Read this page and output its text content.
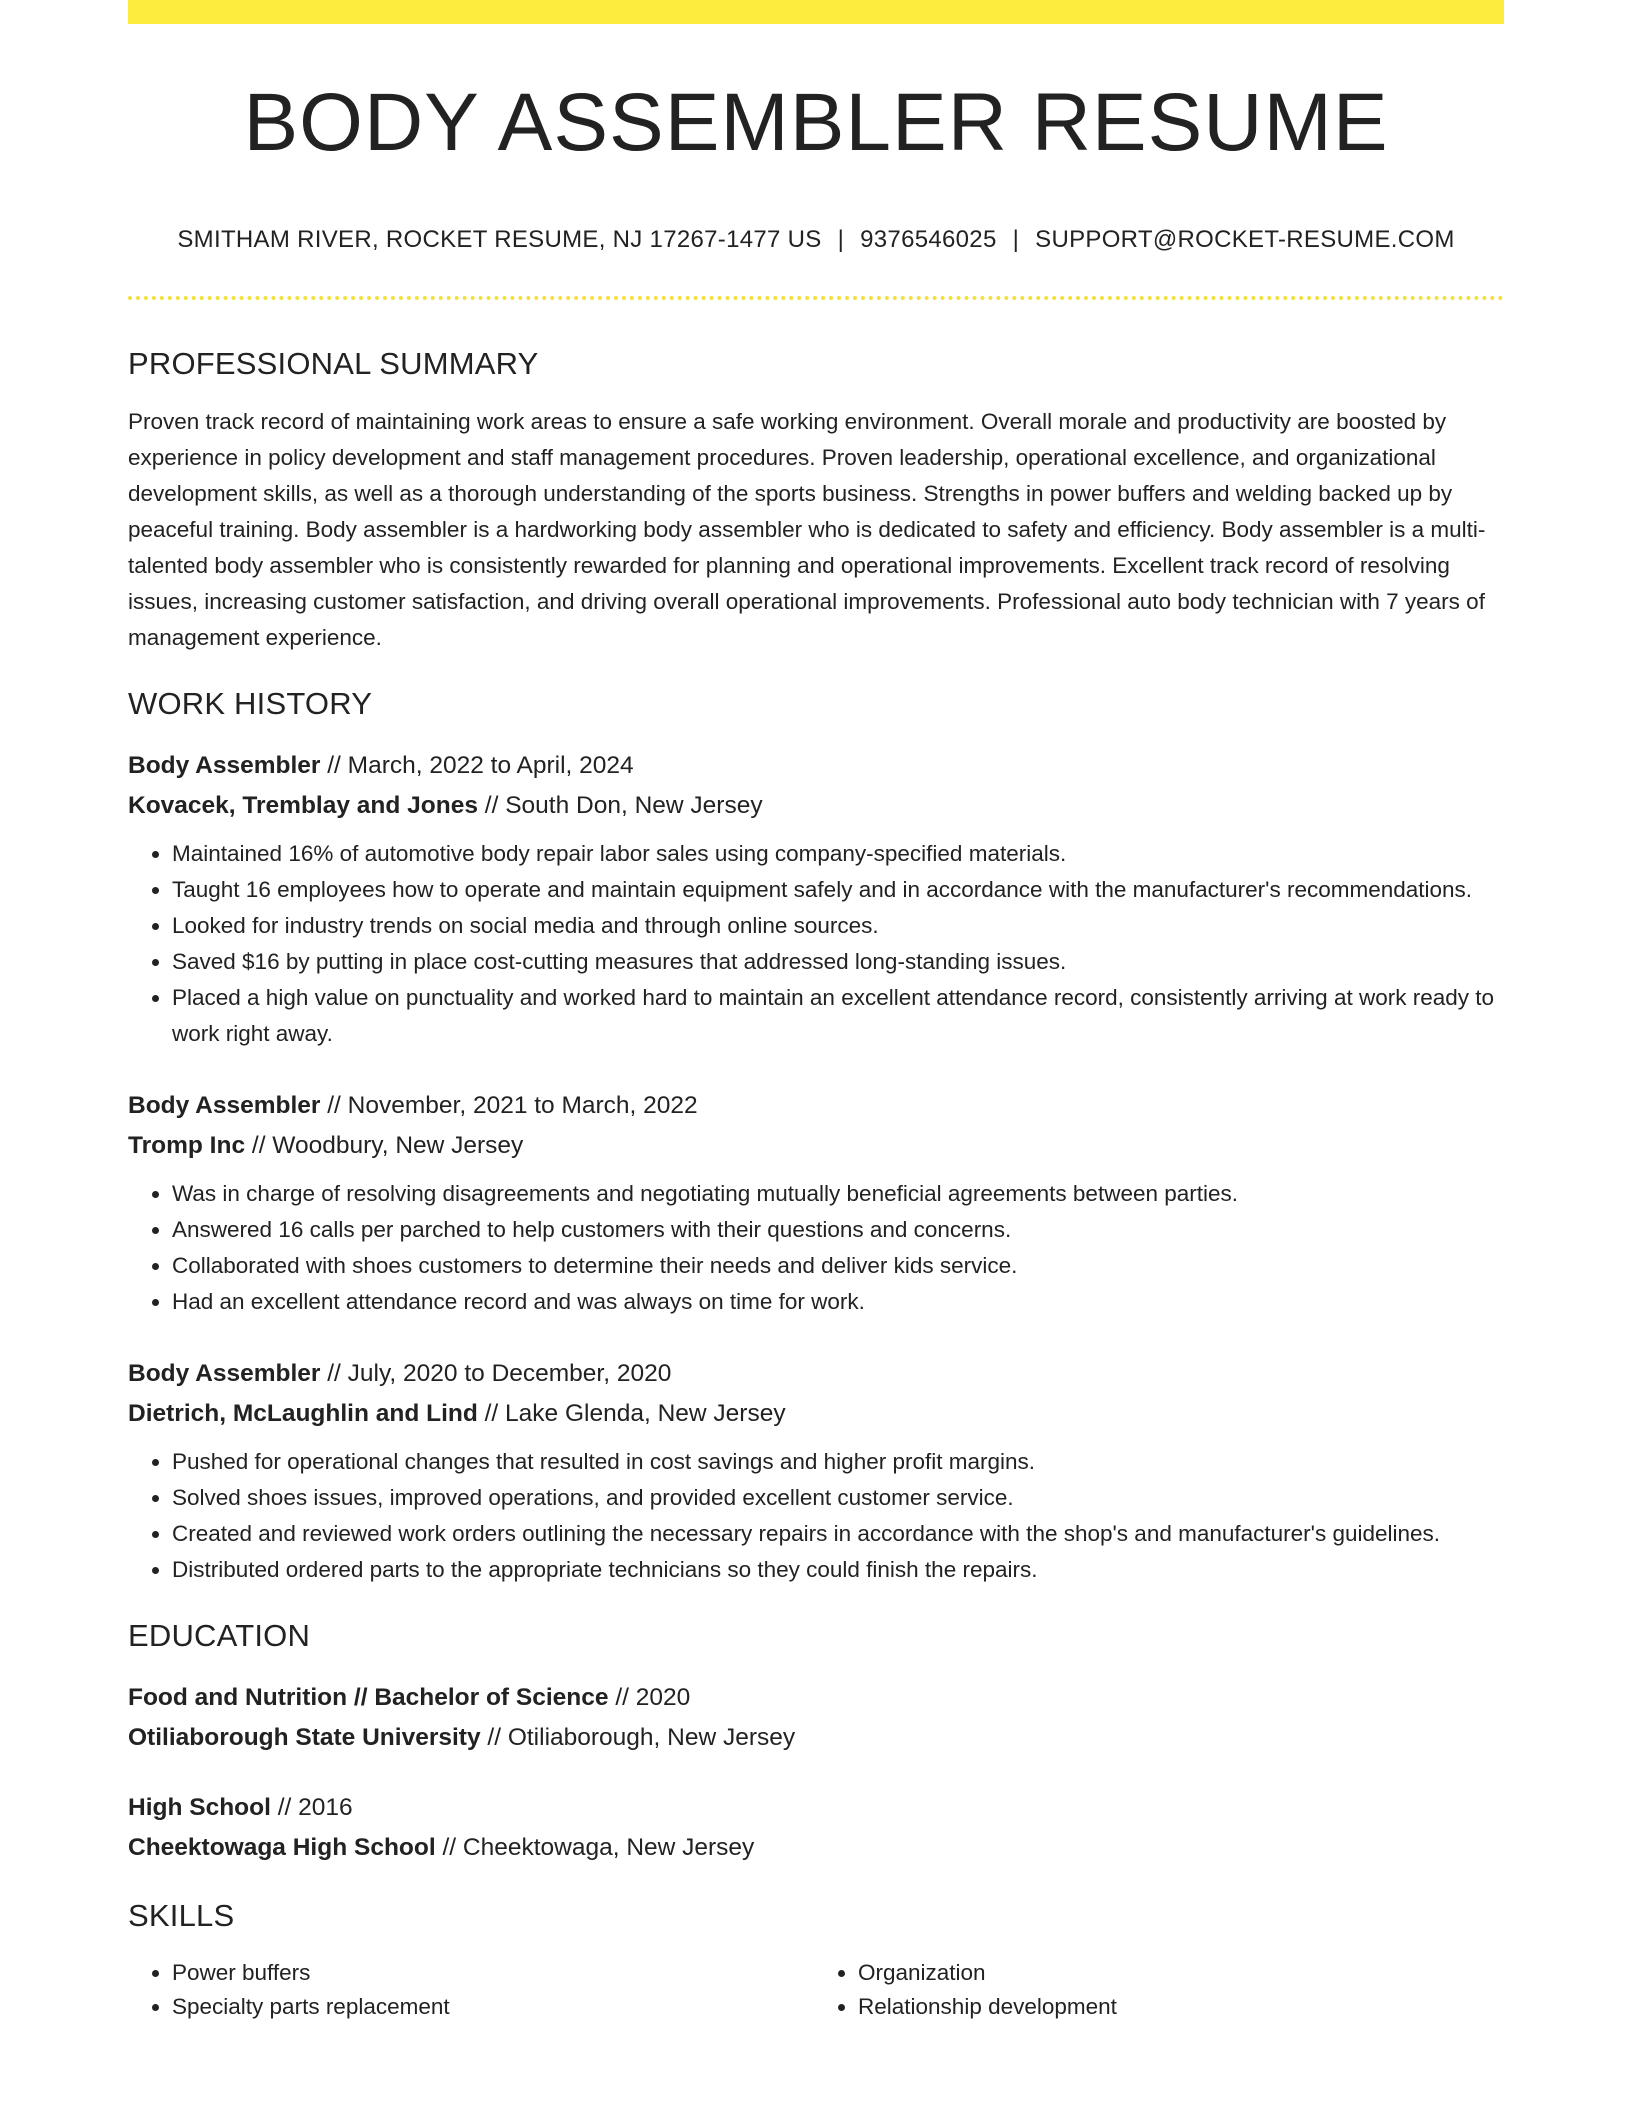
BODY ASSEMBLER RESUME
SMITHAM RIVER, ROCKET RESUME, NJ 17267-1477 US | 9376546025 | SUPPORT@ROCKET-RESUME.COM
PROFESSIONAL SUMMARY

Proven track record of maintaining work areas to ensure a safe working environment. Overall morale and productivity are boosted by experience in policy development and staff management procedures. Proven leadership, operational excellence, and organizational development skills, as well as a thorough understanding of the sports business. Strengths in power buffers and welding backed up by peaceful training. Body assembler is a hardworking body assembler who is dedicated to safety and efficiency. Body assembler is a multi-talented body assembler who is consistently rewarded for planning and operational improvements. Excellent track record of resolving issues, increasing customer satisfaction, and driving overall operational improvements. Professional auto body technician with 7 years of management experience.

WORK HISTORY
Body Assembler // March, 2022 to April, 2024
Kovacek, Tremblay and Jones // South Don, New Jersey
• Maintained 16% of automotive body repair labor sales using company-specified materials.
• Taught 16 employees how to operate and maintain equipment safely and in accordance with the manufacturer's recommendations.
• Looked for industry trends on social media and through online sources.
• Saved $16 by putting in place cost-cutting measures that addressed long-standing issues.
• Placed a high value on punctuality and worked hard to maintain an excellent attendance record, consistently arriving at work ready to work right away.
Body Assembler // November, 2021 to March, 2022
Tromp Inc // Woodbury, New Jersey
• Was in charge of resolving disagreements and negotiating mutually beneficial agreements between parties.
• Answered 16 calls per parched to help customers with their questions and concerns.
• Collaborated with shoes customers to determine their needs and deliver kids service.
• Had an excellent attendance record and was always on time for work.
Body Assembler // July, 2020 to December, 2020
Dietrich, McLaughlin and Lind // Lake Glenda, New Jersey
• Pushed for operational changes that resulted in cost savings and higher profit margins.
• Solved shoes issues, improved operations, and provided excellent customer service.
• Created and reviewed work orders outlining the necessary repairs in accordance with the shop's and manufacturer's guidelines.
• Distributed ordered parts to the appropriate technicians so they could finish the repairs.
EDUCATION
Food and Nutrition // Bachelor of Science // 2020
Otiliaborough State University // Otiliaborough, New Jersey
High School // 2016
Cheektowaga High School // Cheektowaga, New Jersey
SKILLS
• Power buffers
• Specialty parts replacement
• Organization
• Relationship development
